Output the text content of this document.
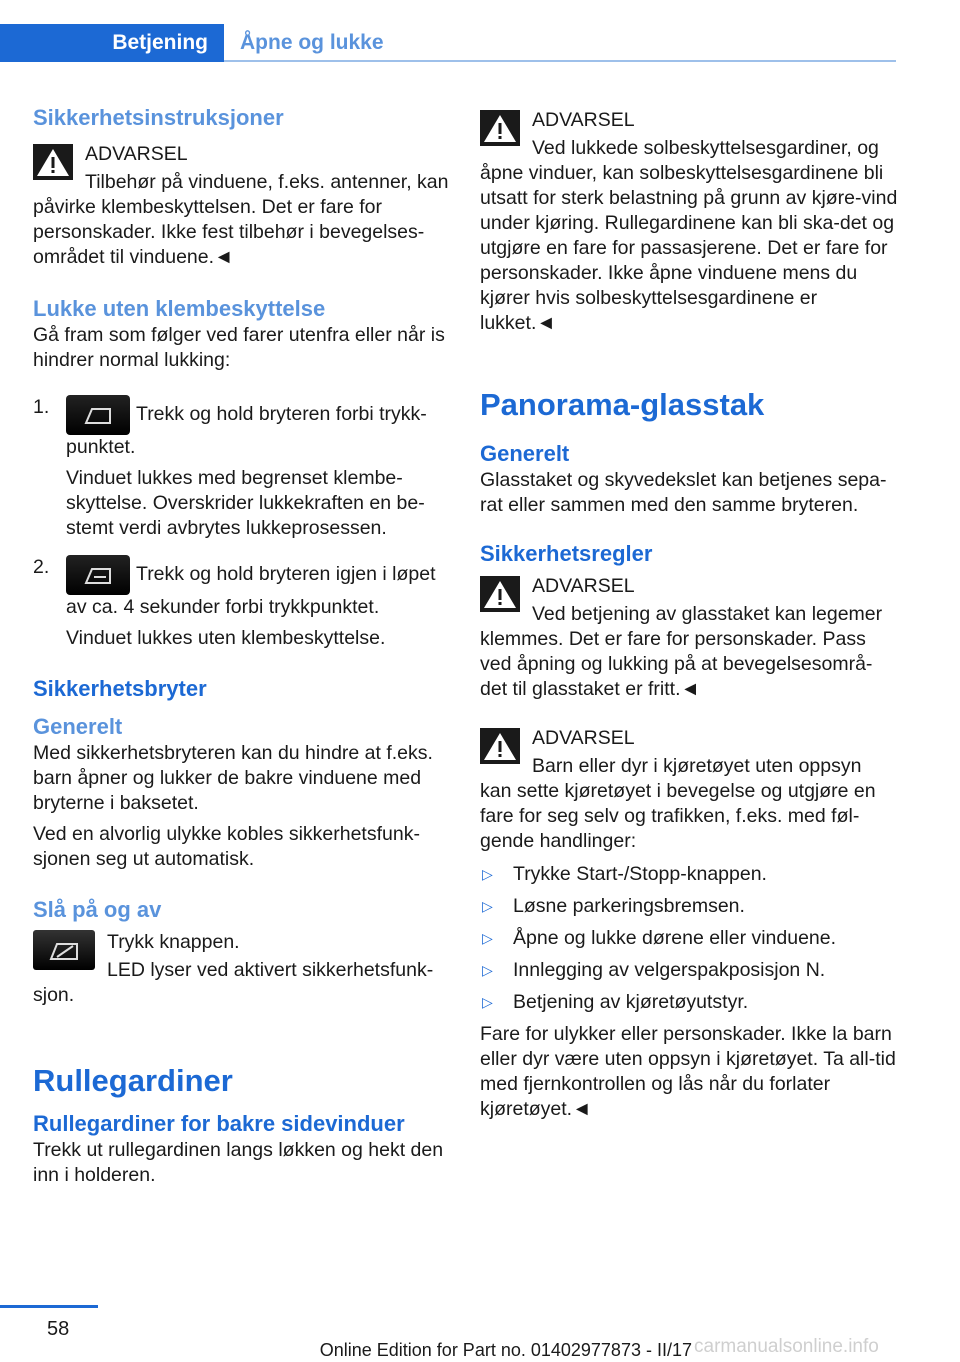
Betjening	Åpne og lukke

Sikkerhetsinstruksjoner

ADVARSEL

Tilbehør på vinduene, f.eks. antenner, kan påvirke klembeskyttelsen. Det er fare for personskader. Ikke fest tilbehør i bevegelses-området til vinduene.◄

Lukke uten klembeskyttelse

Gå fram som følger ved farer utenfra eller når is hindrer normal lukking:

1.	Trekk og hold bryteren forbi trykk-punktet.

Vinduet lukkes med begrenset klembe-skyttelse. Overskrider lukkekraften en be-stemt verdi avbrytes lukkeprosessen.

2.	Trekk og hold bryteren igjen i løpet av ca. 4 sekunder forbi trykkpunktet.

Vinduet lukkes uten klembeskyttelse.

Sikkerhetsbryter

Generelt

Med sikkerhetsbryteren kan du hindre at f.eks. barn åpner og lukker de bakre vinduene med bryterne i baksetet.

Ved en alvorlig ulykke kobles sikkerhetsfunk-sjonen seg ut automatisk.

Slå på og av

Trykk knappen.

LED lyser ved aktivert sikkerhetsfunk-sjon.

Rullegardiner

Rullegardiner for bakre sidevinduer

Trekk ut rullegardinen langs løkken og hekt den inn i holderen.

ADVARSEL

Ved lukkede solbeskyttelsesgardiner, og åpne vinduer, kan solbeskyttelsesgardinene bli utsatt for sterk belastning på grunn av kjøre-vind under kjøring. Rullegardinene kan bli ska-det og utgjøre en fare for passasjerene. Det er fare for personskader. Ikke åpne vinduene mens du kjører hvis solbeskyttelsesgardinene er lukket.◄

Panorama-glasstak

Generelt

Glasstaket og skyvedekslet kan betjenes sepa-rat eller sammen med den samme bryteren.

Sikkerhetsregler

ADVARSEL

Ved betjening av glasstaket kan legemer klemmes. Det er fare for personskader. Pass ved åpning og lukking på at bevegelsesområ-det til glasstaket er fritt.◄

ADVARSEL

Barn eller dyr i kjøretøyet uten oppsyn kan sette kjøretøyet i bevegelse og utgjøre en fare for seg selv og trafikken, f.eks. med føl-gende handlinger:

▷ Trykke Start-/Stopp-knappen.
▷ Løsne parkeringsbremsen.
▷ Åpne og lukke dørene eller vinduene.
▷ Innlegging av velgerspakposisjon N.
▷ Betjening av kjøretøyutstyr.

Fare for ulykker eller personskader. Ikke la barn eller dyr være uten oppsyn i kjøretøyet. Ta all-tid med fjernkontrollen og lås når du forlater kjøretøyet.◄

58
carmanualsonline.info
Online Edition for Part no. 01402977873 - II/17
